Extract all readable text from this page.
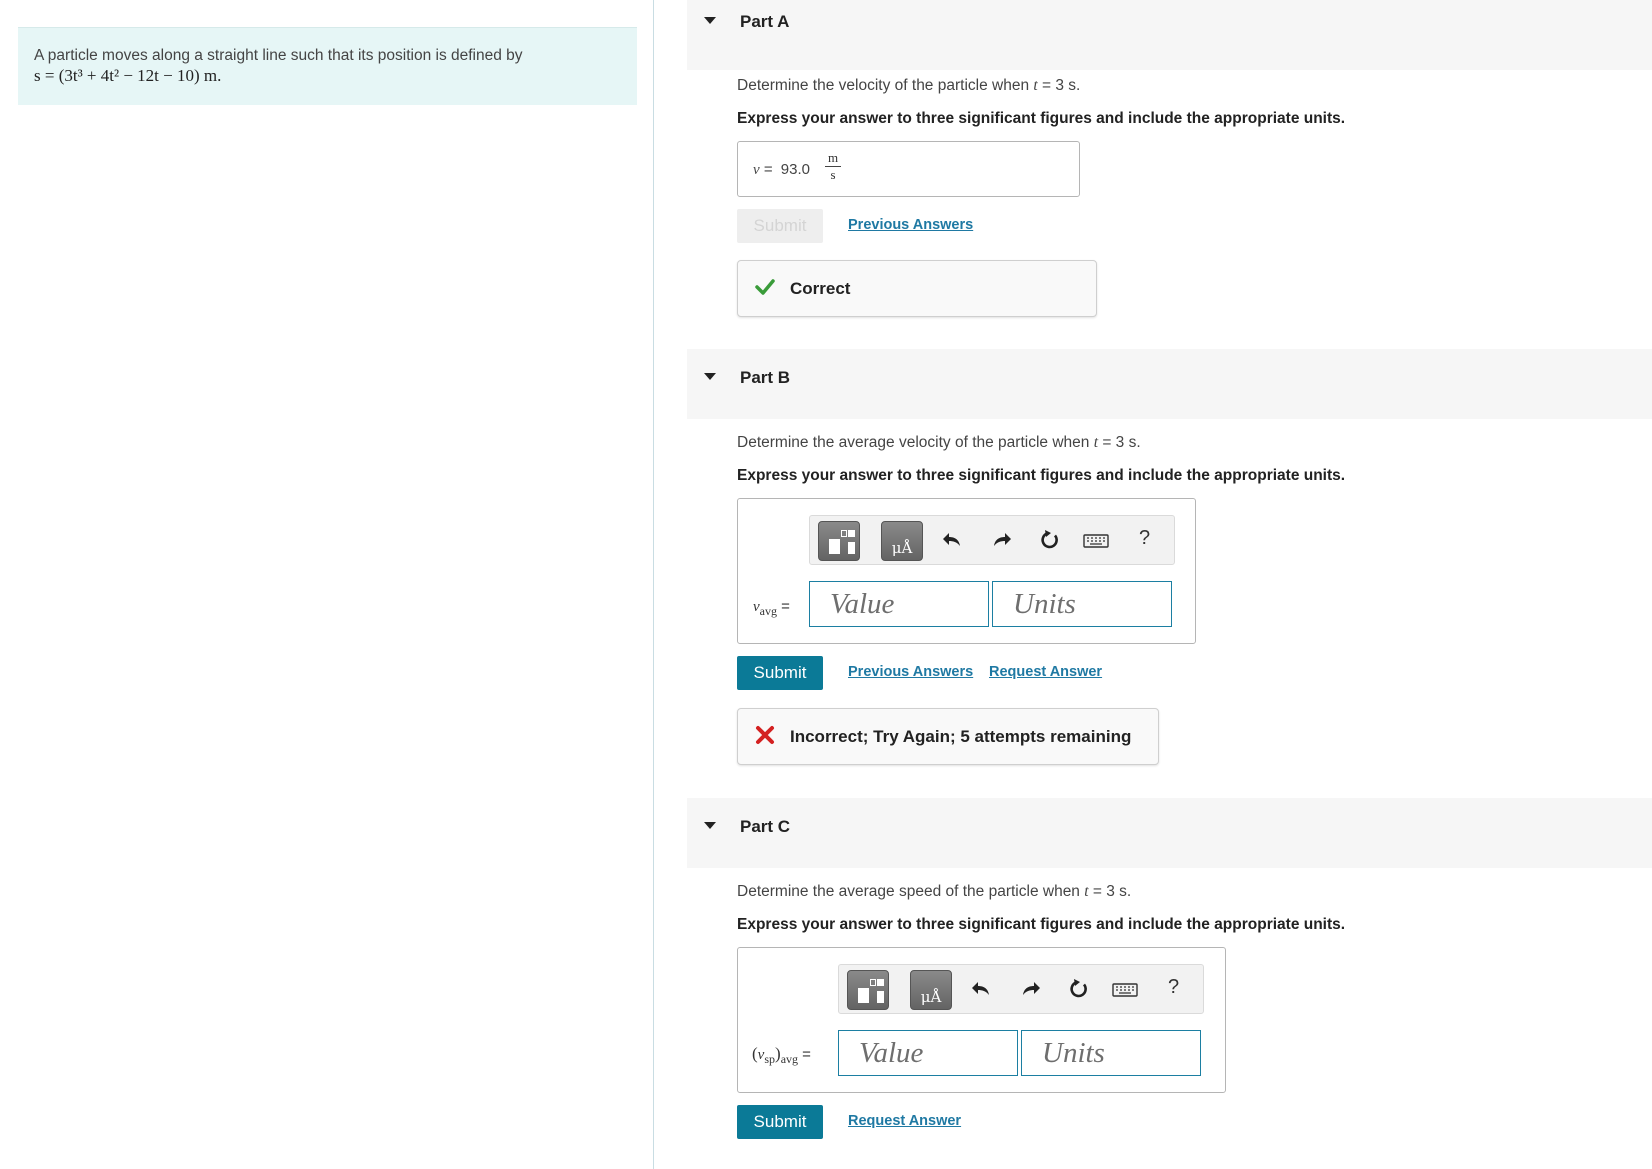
A particle moves along a straight line such that its position is defined by

s = (3t³ + 4t² − 12t − 10) m.
Part A
Determine the velocity of the particle when t = 3 s.
Express your answer to three significant figures and include the appropriate units.
v = 93.0
m
s
Submit	Previous Answers
Correct
Part B
Determine the average velocity of the particle when t = 3 s.
Express your answer to three significant figures and include the appropriate units.
μÅ	?
$v_{avg}$ =
Value
Units
Submit	Previous Answers Request Answer
Incorrect; Try Again; 5 attempts remaining
Part C
Determine the average speed of the particle when t = 3 s.
Express your answer to three significant figures and include the appropriate units.
μÅ	?
$(v_{sp})_{avg}$ =
Value
Units
Submit	Request Answer
